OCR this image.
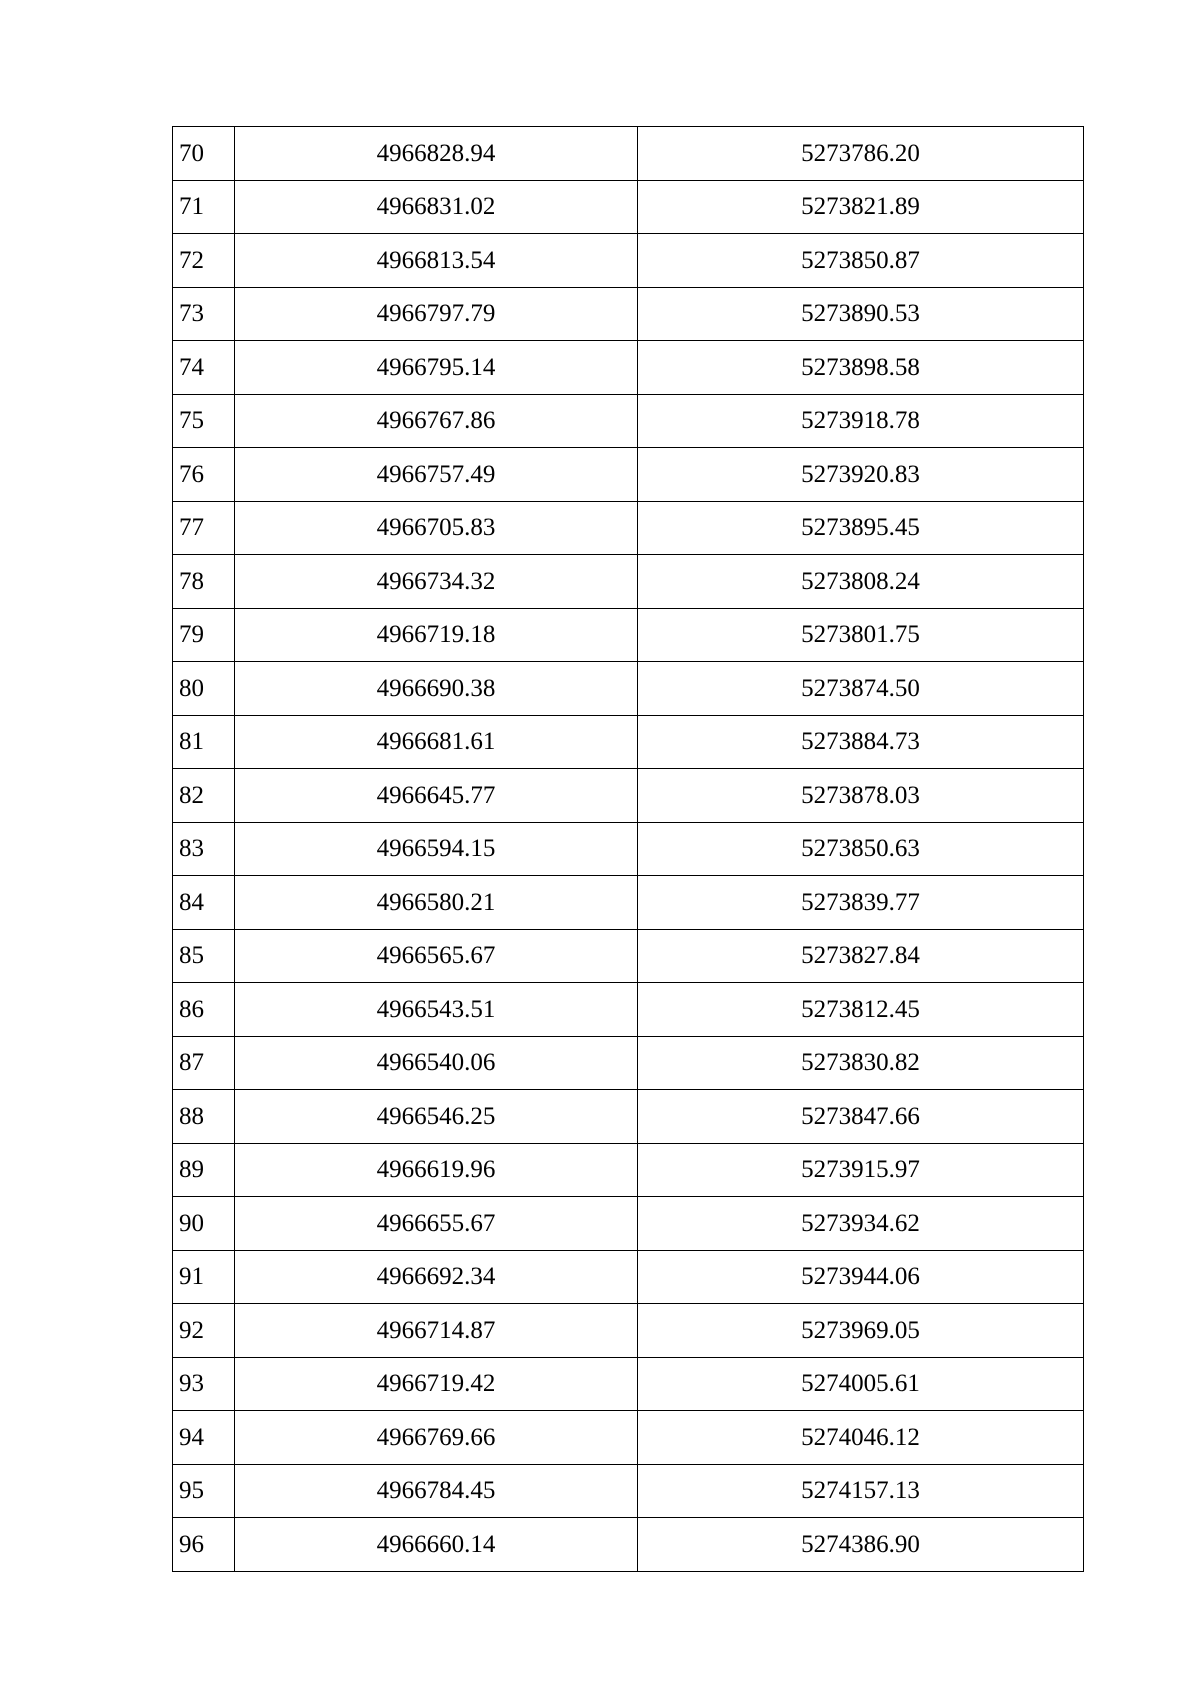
70	4966828.94	5273786.20
71	4966831.02	5273821.89
72	4966813.54	5273850.87
73	4966797.79	5273890.53
74	4966795.14	5273898.58
75	4966767.86	5273918.78
76	4966757.49	5273920.83
77	4966705.83	5273895.45
78	4966734.32	5273808.24
79	4966719.18	5273801.75
80	4966690.38	5273874.50
81	4966681.61	5273884.73
82	4966645.77	5273878.03
83	4966594.15	5273850.63
84	4966580.21	5273839.77
85	4966565.67	5273827.84
86	4966543.51	5273812.45
87	4966540.06	5273830.82
88	4966546.25	5273847.66
89	4966619.96	5273915.97
90	4966655.67	5273934.62
91	4966692.34	5273944.06
92	4966714.87	5273969.05
93	4966719.42	5274005.61
94	4966769.66	5274046.12
95	4966784.45	5274157.13
96	4966660.14	5274386.90
